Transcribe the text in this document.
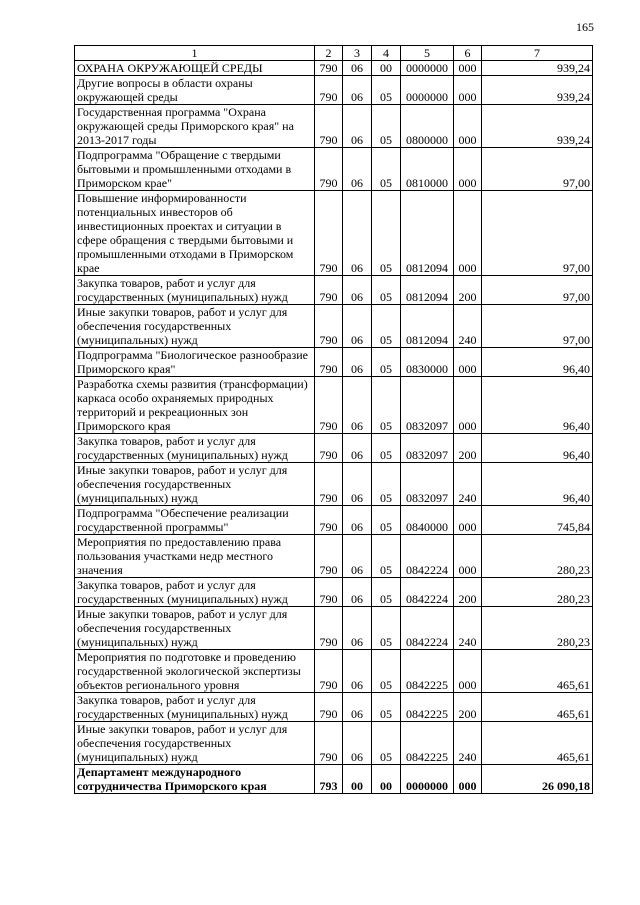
165
1	2	3	4	5	6	7
ОХРАНА ОКРУЖАЮЩЕЙ СРЕДЫ	790	06	00	0000000	000	939,24
Другие вопросы в области охраны окружающей среды	790	06	05	0000000	000	939,24
Государственная программа "Охрана окружающей среды Приморского края" на 2013-2017 годы	790	06	05	0800000	000	939,24
Подпрограмма "Обращение с твердыми бытовыми и промышленными отходами в Приморском крае"	790	06	05	0810000	000	97,00
Повышение информированности потенциальных инвесторов об инвестиционных проектах и ситуации в сфере обращения с твердыми бытовыми и промышленными отходами в Приморском крае	790	06	05	0812094	000	97,00
Закупка товаров, работ и услуг для государственных (муниципальных) нужд	790	06	05	0812094	200	97,00
Иные закупки товаров, работ и услуг для обеспечения государственных (муниципальных) нужд	790	06	05	0812094	240	97,00
Подпрограмма "Биологическое разнообразие Приморского края"	790	06	05	0830000	000	96,40
Разработка схемы развития (трансформации) каркаса особо охраняемых природных территорий и рекреационных зон Приморского края	790	06	05	0832097	000	96,40
Закупка товаров, работ и услуг для государственных (муниципальных) нужд	790	06	05	0832097	200	96,40
Иные закупки товаров, работ и услуг для обеспечения государственных (муниципальных) нужд	790	06	05	0832097	240	96,40
Подпрограмма "Обеспечение реализации государственной программы"	790	06	05	0840000	000	745,84
Мероприятия по предоставлению права пользования участками недр местного значения	790	06	05	0842224	000	280,23
Закупка товаров, работ и услуг для государственных (муниципальных) нужд	790	06	05	0842224	200	280,23
Иные закупки товаров, работ и услуг для обеспечения государственных (муниципальных) нужд	790	06	05	0842224	240	280,23
Мероприятия по подготовке и проведению государственной экологической экспертизы объектов регионального уровня	790	06	05	0842225	000	465,61
Закупка товаров, работ и услуг для государственных (муниципальных) нужд	790	06	05	0842225	200	465,61
Иные закупки товаров, работ и услуг для обеспечения государственных (муниципальных) нужд	790	06	05	0842225	240	465,61
Департамент международного сотрудничества Приморского края	793	00	00	0000000	000	26 090,18
